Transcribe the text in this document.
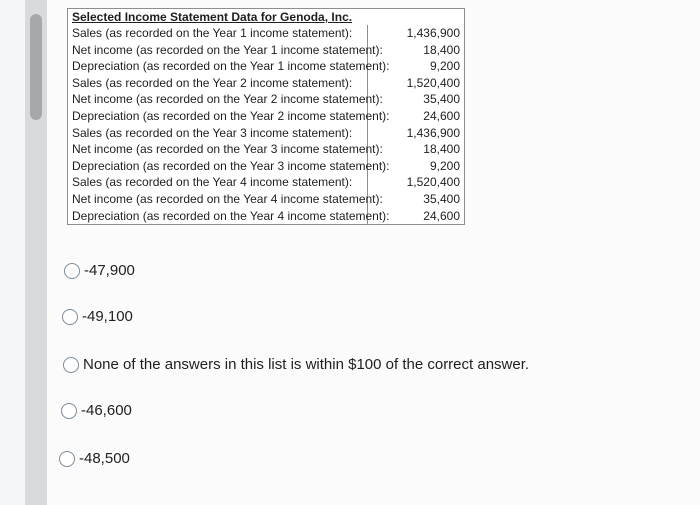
Selected Income Statement Data for Genoda, Inc.
Sales (as recorded on the Year 1 income statement):	1,436,900
Net income (as recorded on the Year 1 income statement):	18,400
Depreciation (as recorded on the Year 1 income statement):	9,200
Sales (as recorded on the Year 2 income statement):	1,520,400
Net income (as recorded on the Year 2 income statement):	35,400
Depreciation (as recorded on the Year 2 income statement):	24,600
Sales (as recorded on the Year 3 income statement):	1,436,900
Net income (as recorded on the Year 3 income statement):	18,400
Depreciation (as recorded on the Year 3 income statement):	9,200
Sales (as recorded on the Year 4 income statement):	1,520,400
Net income (as recorded on the Year 4 income statement):	35,400
Depreciation (as recorded on the Year 4 income statement):	24,600
-47,900
-49,100
None of the answers in this list is within $100 of the correct answer.
-46,600
-48,500
